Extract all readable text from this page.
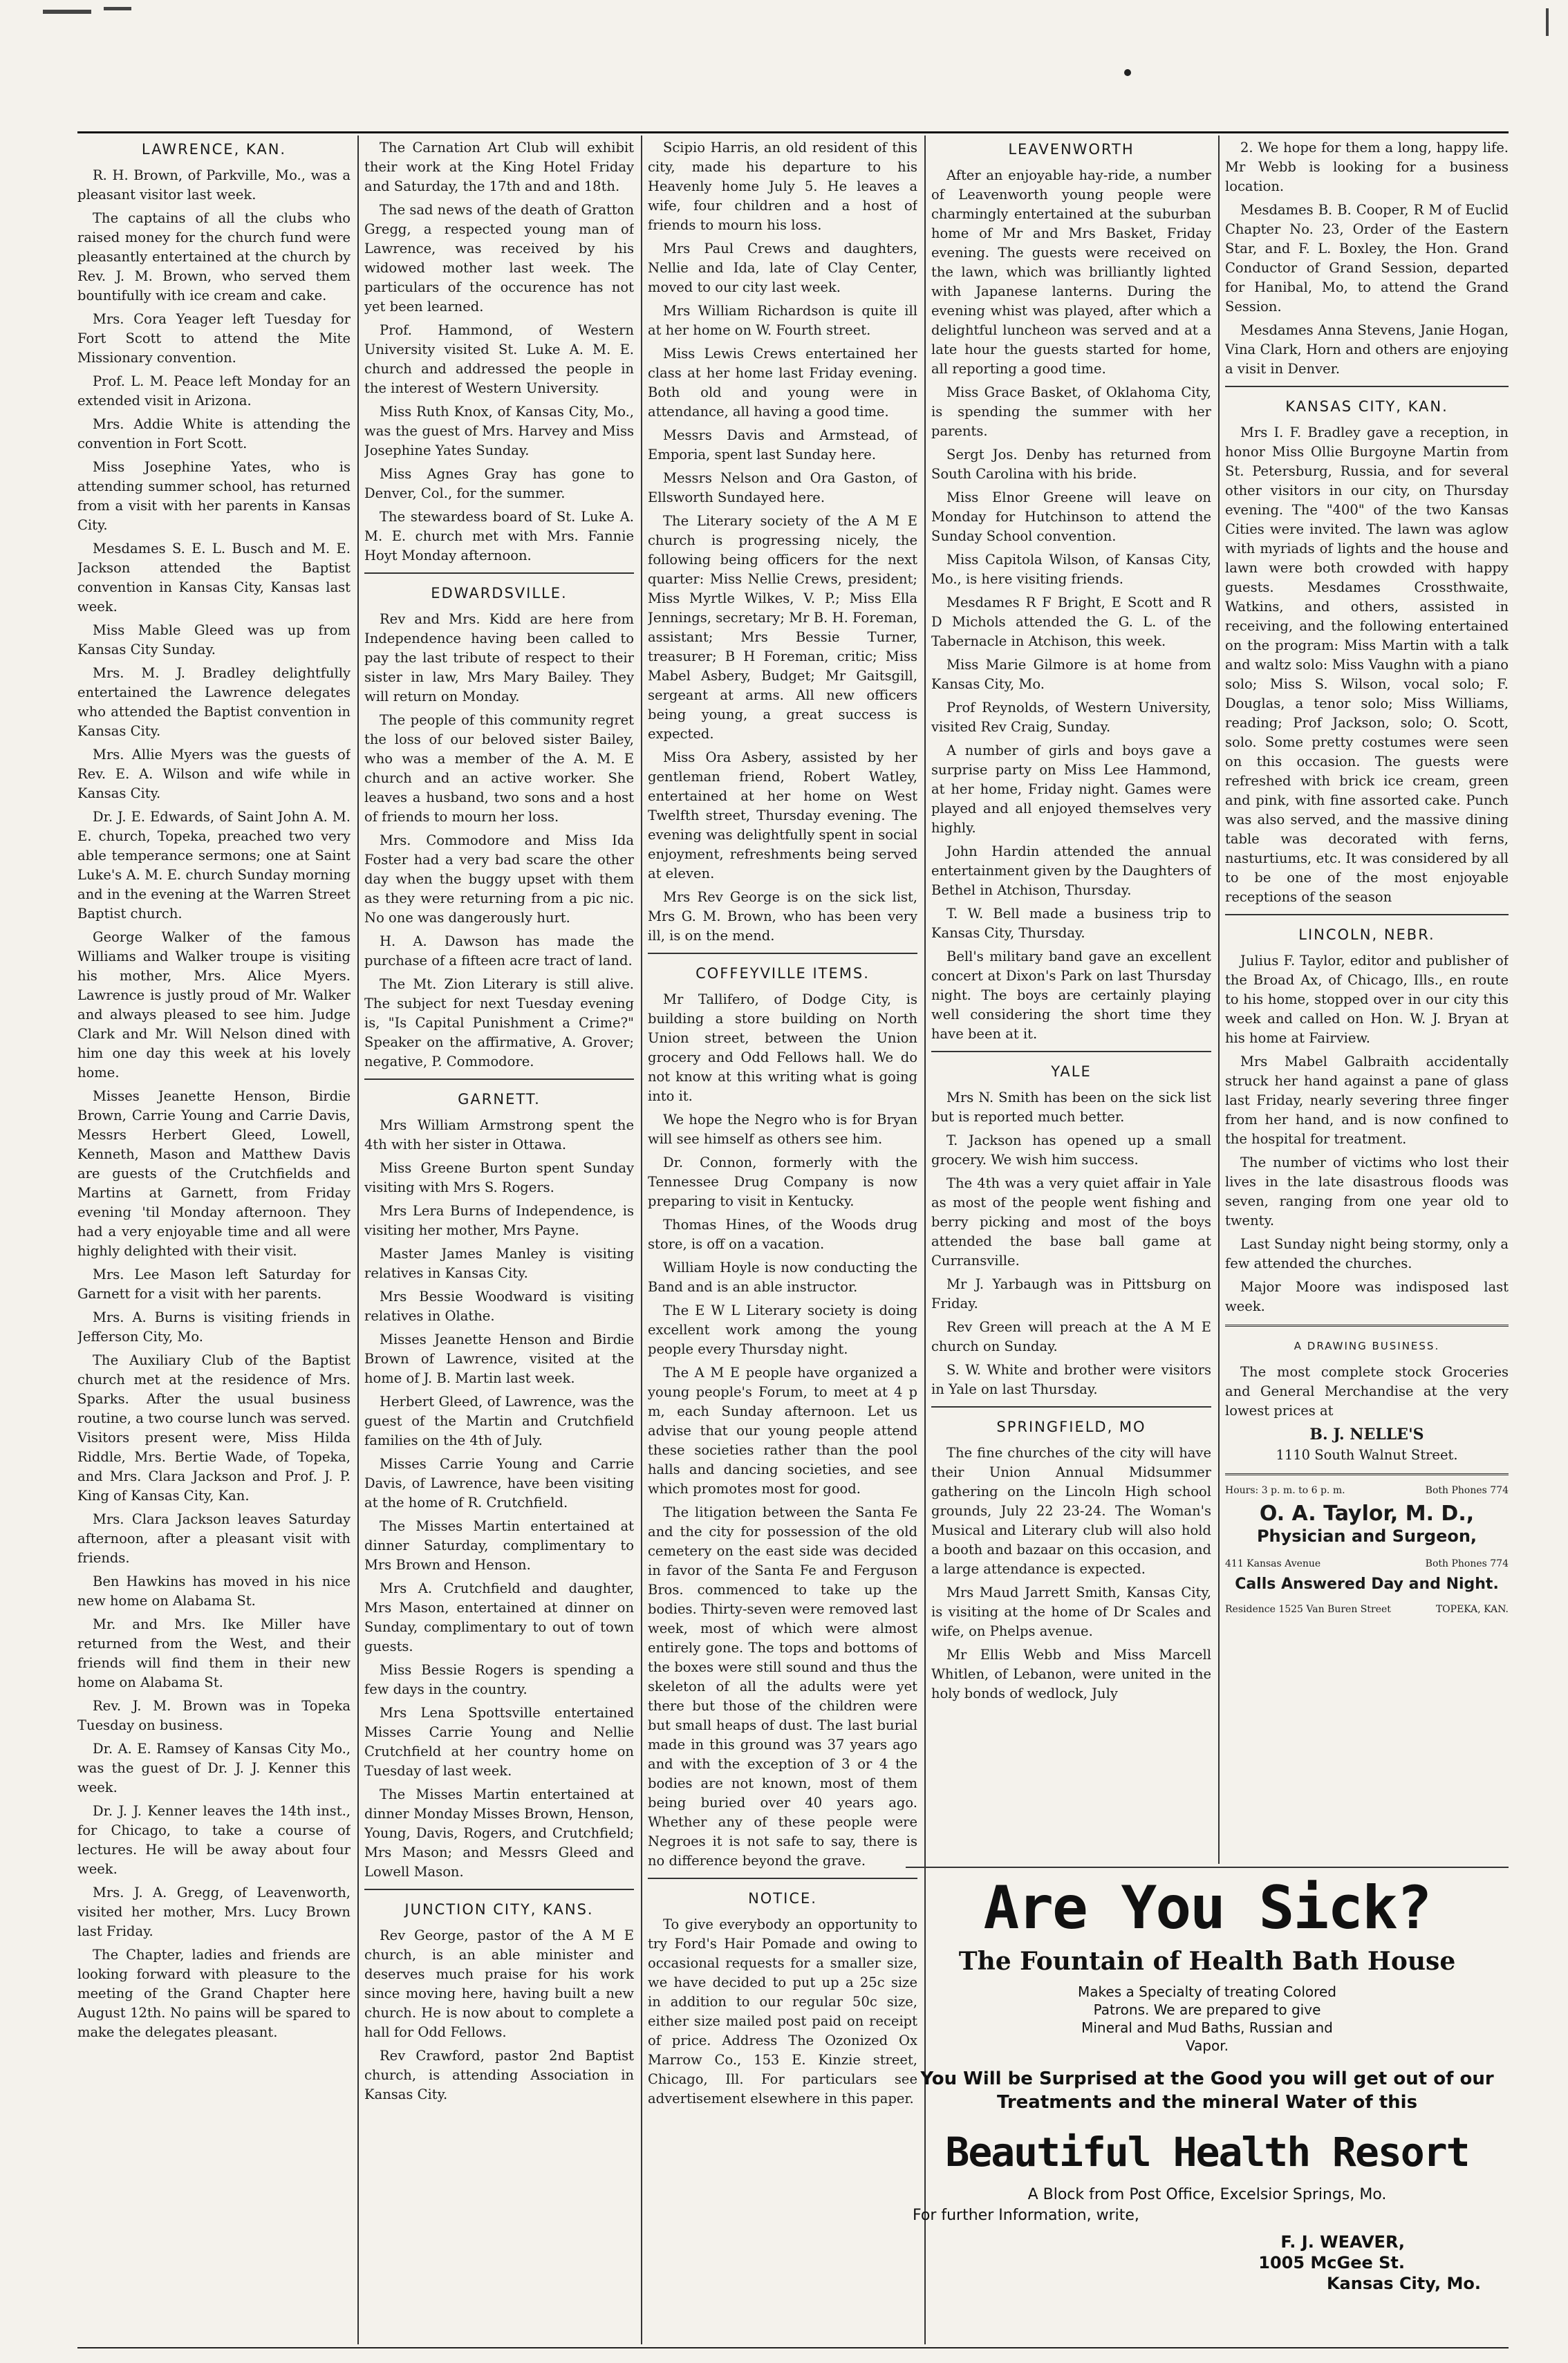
LAWRENCE, KAN.

R. H. Brown, of Parkville, Mo., was a pleasant visitor last week.

The captains of all the clubs who raised money for the church fund were pleasantly entertained at the church by Rev. J. M. Brown, who served them bountifully with ice cream and cake.

Mrs. Cora Yeager left Tuesday for Fort Scott to attend the Mite Missionary convention.

Prof. L. M. Peace left Monday for an extended visit in Arizona.

Mrs. Addie White is attending the convention in Fort Scott.

Miss Josephine Yates, who is attending summer school, has returned from a visit with her parents in Kansas City.

Mesdames S. E. L. Busch and M. E. Jackson attended the Baptist convention in Kansas City, Kansas last week.

Miss Mable Gleed was up from Kansas City Sunday.

Mrs. M. J. Bradley delightfully entertained the Lawrence delegates who attended the Baptist convention in Kansas City.

Mrs. Allie Myers was the guests of Rev. E. A. Wilson and wife while in Kansas City.

Dr. J. E. Edwards, of Saint John A. M. E. church, Topeka, preached two very able temperance sermons; one at Saint Luke's A. M. E. church Sunday morning and in the evening at the Warren Street Baptist church.

George Walker of the famous Williams and Walker troupe is visiting his mother, Mrs. Alice Myers. Lawrence is justly proud of Mr. Walker and always pleased to see him. Judge Clark and Mr. Will Nelson dined with him one day this week at his lovely home.

Misses Jeanette Henson, Birdie Brown, Carrie Young and Carrie Davis, Messrs Herbert Gleed, Lowell, Kenneth, Mason and Matthew Davis are guests of the Crutchfields and Martins at Garnett, from Friday evening 'til Monday afternoon. They had a very enjoyable time and all were highly delighted with their visit.

Mrs. Lee Mason left Saturday for Garnett for a visit with her parents.

Mrs. A. Burns is visiting friends in Jefferson City, Mo.

The Auxiliary Club of the Baptist church met at the residence of Mrs. Sparks. After the usual business routine, a two course lunch was served. Visitors present were, Miss Hilda Riddle, Mrs. Bertie Wade, of Topeka, and Mrs. Clara Jackson and Prof. J. P. King of Kansas City, Kan.

Mrs. Clara Jackson leaves Saturday afternoon, after a pleasant visit with friends.

Ben Hawkins has moved in his nice new home on Alabama St.

Mr. and Mrs. Ike Miller have returned from the West, and their friends will find them in their new home on Alabama St.

Rev. J. M. Brown was in Topeka Tuesday on business.

Dr. A. E. Ramsey of Kansas City Mo., was the guest of Dr. J. J. Kenner this week.

Dr. J. J. Kenner leaves the 14th inst., for Chicago, to take a course of lectures. He will be away about four week.

Mrs. J. A. Gregg, of Leavenworth, visited her mother, Mrs. Lucy Brown last Friday.

The Chapter, ladies and friends are looking forward with pleasure to the meeting of the Grand Chapter here August 12th. No pains will be spared to make the delegates pleasant.

The Carnation Art Club will exhibit their work at the King Hotel Friday and Saturday, the 17th and and 18th.

The sad news of the death of Gratton Gregg, a respected young man of Lawrence, was received by his widowed mother last week. The particulars of the occurence has not yet been learned.

Prof. Hammond, of Western University visited St. Luke A. M. E. church and addressed the people in the interest of Western University.

Miss Ruth Knox, of Kansas City, Mo., was the guest of Mrs. Harvey and Miss Josephine Yates Sunday.

Miss Agnes Gray has gone to Denver, Col., for the summer.

The stewardess board of St. Luke A. M. E. church met with Mrs. Fannie Hoyt Monday afternoon.

EDWARDSVILLE.

Rev and Mrs. Kidd are here from Independence having been called to pay the last tribute of respect to their sister in law, Mrs Mary Bailey. They will return on Monday.

The people of this community regret the loss of our beloved sister Bailey, who was a member of the A. M. E church and an active worker. She leaves a husband, two sons and a host of friends to mourn her loss.

Mrs. Commodore and Miss Ida Foster had a very bad scare the other day when the buggy upset with them as they were returning from a pic nic. No one was dangerously hurt.

H. A. Dawson has made the purchase of a fifteen acre tract of land.

The Mt. Zion Literary is still alive. The subject for next Tuesday evening is, "Is Capital Punishment a Crime?" Speaker on the affirmative, A. Grover; negative, P. Commodore.

GARNETT.

Mrs William Armstrong spent the 4th with her sister in Ottawa.

Miss Greene Burton spent Sunday visiting with Mrs S. Rogers.

Mrs Lera Burns of Independence, is visiting her mother, Mrs Payne.

Master James Manley is visiting relatives in Kansas City.

Mrs Bessie Woodward is visiting relatives in Olathe.

Misses Jeanette Henson and Birdie Brown of Lawrence, visited at the home of J. B. Martin last week.

Herbert Gleed, of Lawrence, was the guest of the Martin and Crutchfield families on the 4th of July.

Misses Carrie Young and Carrie Davis, of Lawrence, have been visiting at the home of R. Crutchfield.

The Misses Martin entertained at dinner Saturday, complimentary to Mrs Brown and Henson.

Mrs A. Crutchfield and daughter, Mrs Mason, entertained at dinner on Sunday, complimentary to out of town guests.

Miss Bessie Rogers is spending a few days in the country.

Mrs Lena Spottsville entertained Misses Carrie Young and Nellie Crutchfield at her country home on Tuesday of last week.

The Misses Martin entertained at dinner Monday Misses Brown, Henson, Young, Davis, Rogers, and Crutchfield; Mrs Mason; and Messrs Gleed and Lowell Mason.

JUNCTION CITY, KANS.

Rev George, pastor of the A M E church, is an able minister and deserves much praise for his work since moving here, having built a new church. He is now about to complete a hall for Odd Fellows.

Rev Crawford, pastor 2nd Baptist church, is attending Association in Kansas City.

Scipio Harris, an old resident of this city, made his departure to his Heavenly home July 5. He leaves a wife, four children and a host of friends to mourn his loss.

Mrs Paul Crews and daughters, Nellie and Ida, late of Clay Center, moved to our city last week.

Mrs William Richardson is quite ill at her home on W. Fourth street.

Miss Lewis Crews entertained her class at her home last Friday evening. Both old and young were in attendance, all having a good time.

Messrs Davis and Armstead, of Emporia, spent last Sunday here.

Messrs Nelson and Ora Gaston, of Ellsworth Sundayed here.

The Literary society of the A M E church is progressing nicely, the following being officers for the next quarter: Miss Nellie Crews, president; Miss Myrtle Wilkes, V. P.; Miss Ella Jennings, secretary; Mr B. H. Foreman, assistant; Mrs Bessie Turner, treasurer; B H Foreman, critic; Miss Mabel Asbery, Budget; Mr Gaitsgill, sergeant at arms. All new officers being young, a great success is expected.

Miss Ora Asbery, assisted by her gentleman friend, Robert Watley, entertained at her home on West Twelfth street, Thursday evening. The evening was delightfully spent in social enjoyment, refreshments being served at eleven.

Mrs Rev George is on the sick list, Mrs G. M. Brown, who has been very ill, is on the mend.

COFFEYVILLE ITEMS.

Mr Tallifero, of Dodge City, is building a store building on North Union street, between the Union grocery and Odd Fellows hall. We do not know at this writing what is going into it.

We hope the Negro who is for Bryan will see himself as others see him.

Dr. Connon, formerly with the Tennessee Drug Company is now preparing to visit in Kentucky.

Thomas Hines, of the Woods drug store, is off on a vacation.

William Hoyle is now conducting the Band and is an able instructor.

The E W L Literary society is doing excellent work among the young people every Thursday night.

The A M E people have organized a young people's Forum, to meet at 4 p m, each Sunday afternoon. Let us advise that our young people attend these societies rather than the pool halls and dancing societies, and see which promotes most for good.

The litigation between the Santa Fe and the city for possession of the old cemetery on the east side was decided in favor of the Santa Fe and Ferguson Bros. commenced to take up the bodies. Thirty-seven were removed last week, most of which were almost entirely gone. The tops and bottoms of the boxes were still sound and thus the skeleton of all the adults were yet there but those of the children were but small heaps of dust. The last burial made in this ground was 37 years ago and with the exception of 3 or 4 the bodies are not known, most of them being buried over 40 years ago. Whether any of these people were Negroes it is not safe to say, there is no difference beyond the grave.

NOTICE.

To give everybody an opportunity to try Ford's Hair Pomade and owing to occasional requests for a smaller size, we have decided to put up a 25c size in addition to our regular 50c size, either size mailed post paid on receipt of price. Address The Ozonized Ox Marrow Co., 153 E. Kinzie street, Chicago, Ill. For particulars see advertisement elsewhere in this paper.

LEAVENWORTH

After an enjoyable hay-ride, a number of Leavenworth young people were charmingly entertained at the suburban home of Mr and Mrs Basket, Friday evening. The guests were received on the lawn, which was brilliantly lighted with Japanese lanterns. During the evening whist was played, after which a delightful luncheon was served and at a late hour the guests started for home, all reporting a good time.

Miss Grace Basket, of Oklahoma City, is spending the summer with her parents.

Sergt Jos. Denby has returned from South Carolina with his bride.

Miss Elnor Greene will leave on Monday for Hutchinson to attend the Sunday School convention.

Miss Capitola Wilson, of Kansas City, Mo., is here visiting friends.

Mesdames R F Bright, E Scott and R D Michols attended the G. L. of the Tabernacle in Atchison, this week.

Miss Marie Gilmore is at home from Kansas City, Mo.

Prof Reynolds, of Western University, visited Rev Craig, Sunday.

A number of girls and boys gave a surprise party on Miss Lee Hammond, at her home, Friday night. Games were played and all enjoyed themselves very highly.

John Hardin attended the annual entertainment given by the Daughters of Bethel in Atchison, Thursday.

T. W. Bell made a business trip to Kansas City, Thursday.

Bell's military band gave an excellent concert at Dixon's Park on last Thursday night. The boys are certainly playing well considering the short time they have been at it.

YALE

Mrs N. Smith has been on the sick list but is reported much better.

T. Jackson has opened up a small grocery. We wish him success.

The 4th was a very quiet affair in Yale as most of the people went fishing and berry picking and most of the boys attended the base ball game at Curransville.

Mr J. Yarbaugh was in Pittsburg on Friday.

Rev Green will preach at the A M E church on Sunday.

S. W. White and brother were visitors in Yale on last Thursday.

SPRINGFIELD, MO

The fine churches of the city will have their Union Annual Midsummer gathering on the Lincoln High school grounds, July 22 23-24. The Woman's Musical and Literary club will also hold a booth and bazaar on this occasion, and a large attendance is expected.

Mrs Maud Jarrett Smith, Kansas City, is visiting at the home of Dr Scales and wife, on Phelps avenue.

Mr Ellis Webb and Miss Marcell Whitlen, of Lebanon, were united in the holy bonds of wedlock, July

2. We hope for them a long, happy life. Mr Webb is looking for a business location.

Mesdames B. B. Cooper, R M of Euclid Chapter No. 23, Order of the Eastern Star, and F. L. Boxley, the Hon. Grand Conductor of Grand Session, departed for Hanibal, Mo, to attend the Grand Session.

Mesdames Anna Stevens, Janie Hogan, Vina Clark, Horn and others are enjoying a visit in Denver.

KANSAS CITY, KAN.

Mrs I. F. Bradley gave a reception, in honor Miss Ollie Burgoyne Martin from St. Petersburg, Russia, and for several other visitors in our city, on Thursday evening. The "400" of the two Kansas Cities were invited. The lawn was aglow with myriads of lights and the house and lawn were both crowded with happy guests. Mesdames Crossthwaite, Watkins, and others, assisted in receiving, and the following entertained on the program: Miss Martin with a talk and waltz solo: Miss Vaughn with a piano solo; Miss S. Wilson, vocal solo; F. Douglas, a tenor solo; Miss Williams, reading; Prof Jackson, solo; O. Scott, solo. Some pretty costumes were seen on this occasion. The guests were refreshed with brick ice cream, green and pink, with fine assorted cake. Punch was also served, and the massive dining table was decorated with ferns, nasturtiums, etc. It was considered by all to be one of the most enjoyable receptions of the season

LINCOLN, NEBR.

Julius F. Taylor, editor and publisher of the Broad Ax, of Chicago, Ills., en route to his home, stopped over in our city this week and called on Hon. W. J. Bryan at his home at Fairview.

Mrs Mabel Galbraith accidentally struck her hand against a pane of glass last Friday, nearly severing three finger from her hand, and is now confined to the hospital for treatment.

The number of victims who lost their lives in the late disastrous floods was seven, ranging from one year old to twenty.

Last Sunday night being stormy, only a few attended the churches.

Major Moore was indisposed last week.

A DRAWING BUSINESS.

The most complete stock Groceries and General Merchandise at the very lowest prices at

B. J. NELLE'S
1110 South Walnut Street.
Hours: 3 p. m. to 6 p. m.	Both Phones 774
O. A. Taylor, M. D.,
Physician and Surgeon,
411 Kansas Avenue	Both Phones 774
Calls Answered Day and Night.
Residence 1525 Van Buren Street	TOPEKA, KAN.
Are You Sick?
The Fountain of Health Bath House
Makes a Specialty of treating Colored Patrons. We are prepared to give Mineral and Mud Baths, Russian and Vapor.
You Will be Surprised at the Good you will get out of our Treatments and the mineral Water of this
Beautiful Health Resort
A Block from Post Office, Excelsior Springs, Mo.
For further Information, write,
F. J. WEAVER,
1005 McGee St.
Kansas City, Mo.
